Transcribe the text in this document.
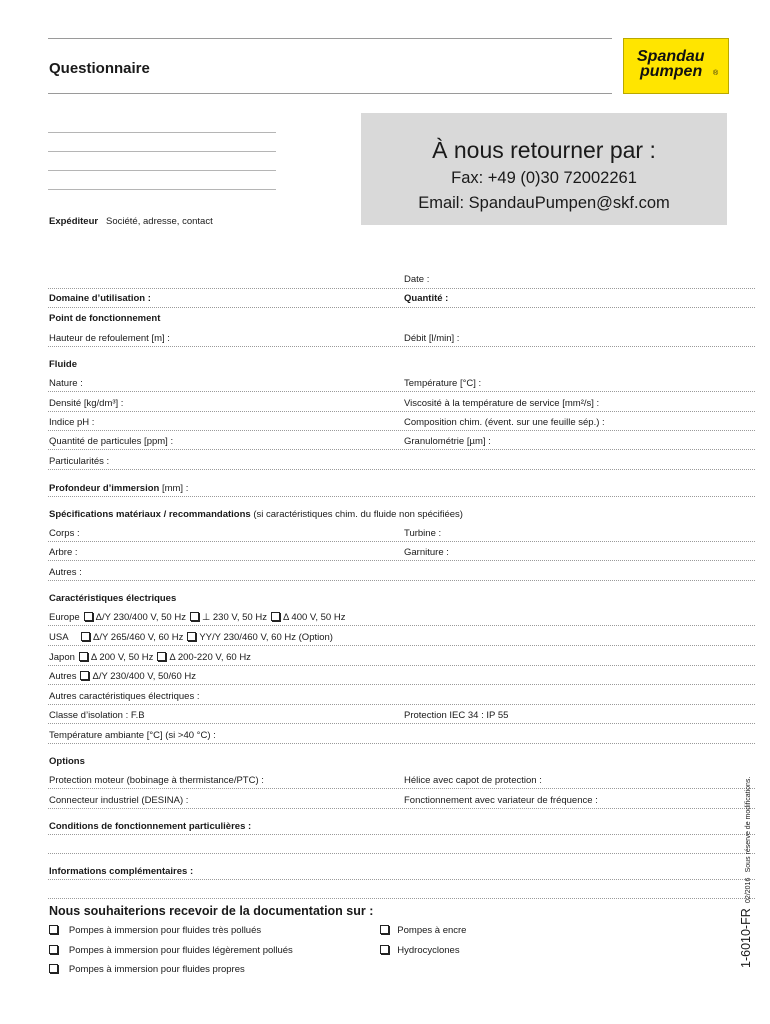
Questionnaire
Spandau
pumpen ®
Expéditeur Société, adresse, contact
À nous retourner par :
Fax: +49 (0)30 72002261
Email: SpandauPumpen@skf.com
Date :
Domaine d’utilisation :	Quantité :
Point de fonctionnement
Hauteur de refoulement [m] :	Débit [l/min] :
Fluide
Nature :	Température [°C] :
Densité [kg/dm³] :	Viscosité à la température de service [mm²/s] :
Indice pH :	Composition chim. (évent. sur une feuille sép.) :
Quantité de particules [ppm] :	Granulométrie [µm] :
Particularités :
Profondeur d’immersion [mm] :
Spécifications matériaux / recommandations (si caractéristiques chim. du fluide non spécifiées)
Corps :	Turbine :
Arbre :	Garniture :
Autres :
Caractéristiques électriques
Europe Δ/Y 230/400 V, 50 Hz ⊥ 230 V, 50 Hz Δ 400 V, 50 Hz
USA	Δ/Y 265/460 V, 60 Hz YY/Y 230/460 V, 60 Hz (Option)
Japon Δ 200 V, 50 Hz Δ 200-220 V, 60 Hz
Autres Δ/Y 230/400 V, 50/60 Hz
Autres caractéristiques électriques :
Classe d’isolation : F.B	Protection IEC 34 : IP 55
Température ambiante [°C] (si >40 °C) :
Options
Protection moteur (bobinage à thermistance/PTC) :	Hélice avec capot de protection :
Connecteur industriel (DESINA) :	Fonctionnement avec variateur de fréquence :
Conditions de fonctionnement particulières :
Informations complémentaires :
Nous souhaiterions recevoir de la documentation sur :
Pompes à immersion pour fluides très pollués	Pompes à encre
Pompes à immersion pour fluides légèrement pollués	Hydrocyclones
Pompes à immersion pour fluides propres
1-6010-FR  02/2016  Sous réserve de modifications.
